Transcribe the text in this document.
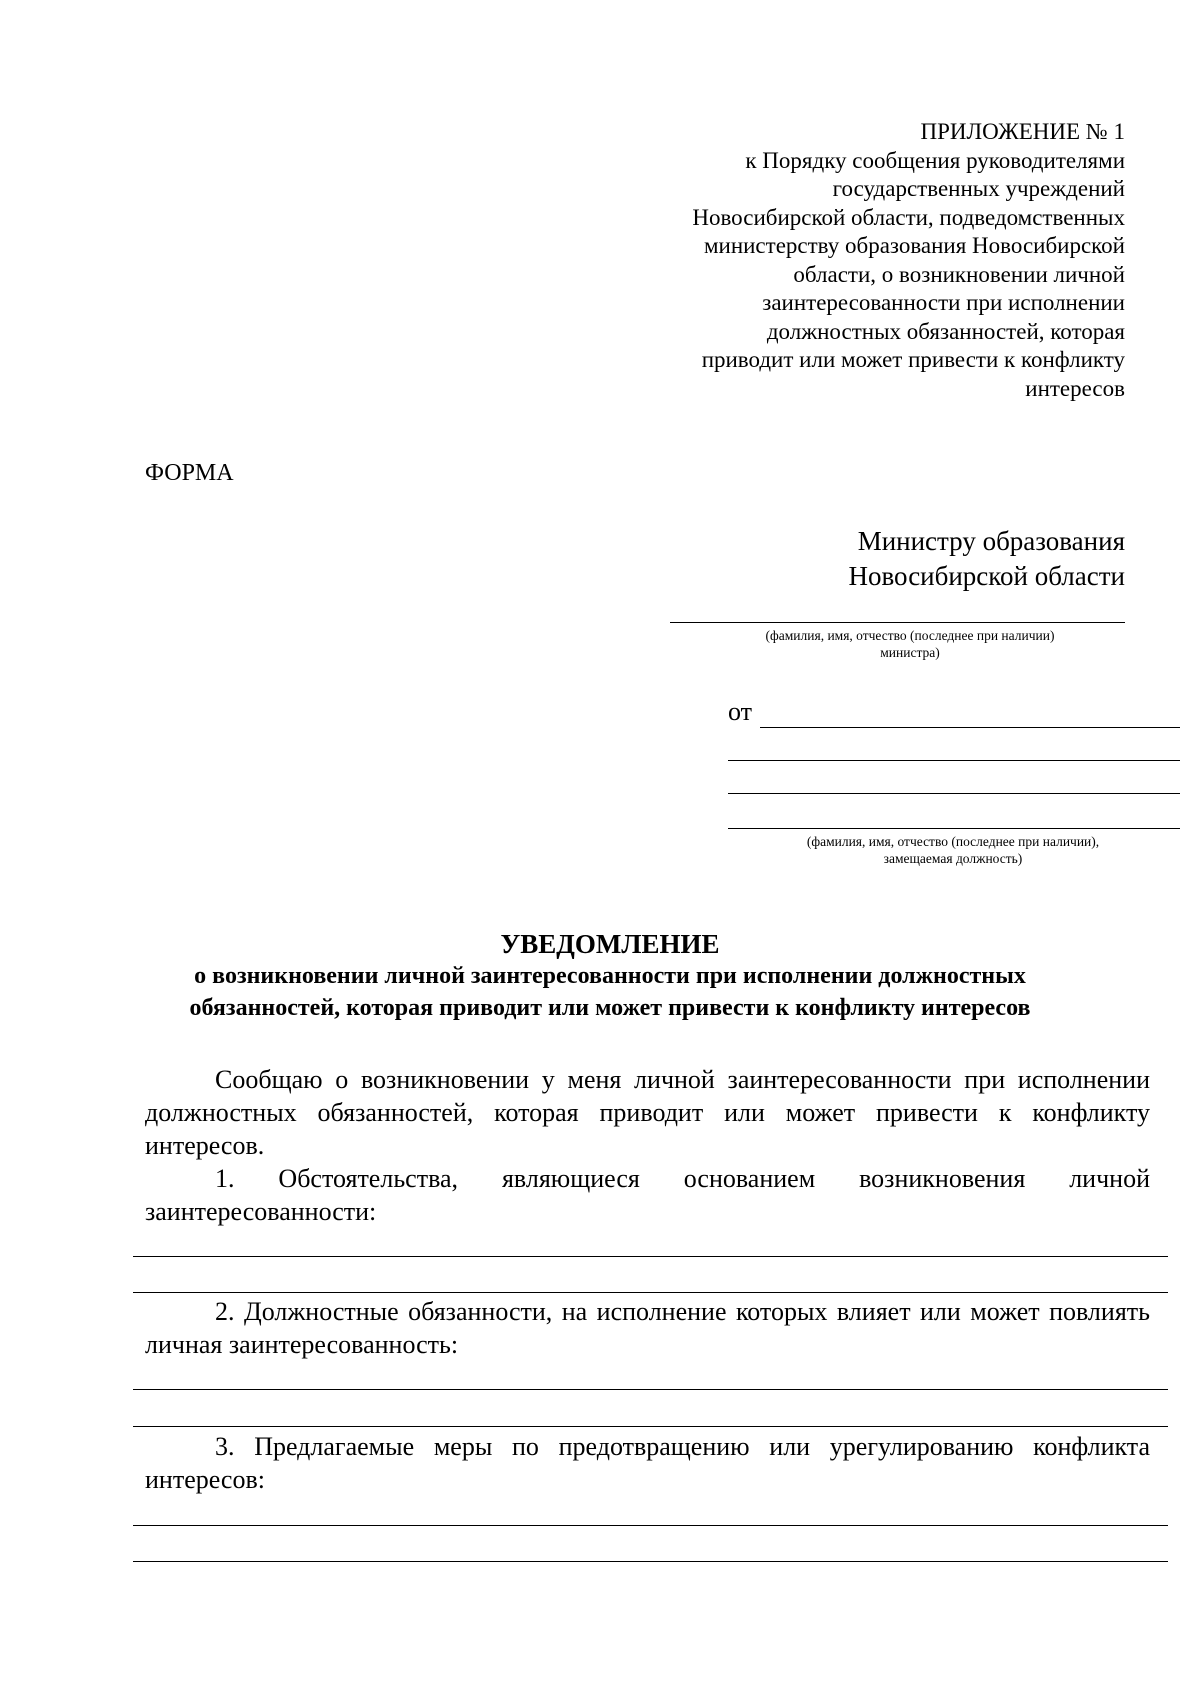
ПРИЛОЖЕНИЕ № 1
к Порядку сообщения руководителями
государственных учреждений
Новосибирской области, подведомственных
министерству образования Новосибирской
области, о возникновении личной
заинтересованности при исполнении
должностных обязанностей, которая
приводит или может привести к конфликту
интересов
ФОРМА
Министру образования
Новосибирской области
(фамилия, имя, отчество (последнее при наличии)
министра)
от
(фамилия, имя, отчество (последнее при наличии),
замещаемая должность)
УВЕДОМЛЕНИЕ
о возникновении личной заинтересованности при исполнении должностных
обязанностей, которая приводит или может привести к конфликту интересов
Сообщаю о возникновении у меня личной заинтересованности при исполнении должностных обязанностей, которая приводит или может привести к конфликту интересов.
1. Обстоятельства, являющиеся основанием возникновения личной заинтересованности:
2. Должностные обязанности, на исполнение которых влияет или может повлиять личная заинтересованность:
3. Предлагаемые меры по предотвращению или урегулированию конфликта интересов:
